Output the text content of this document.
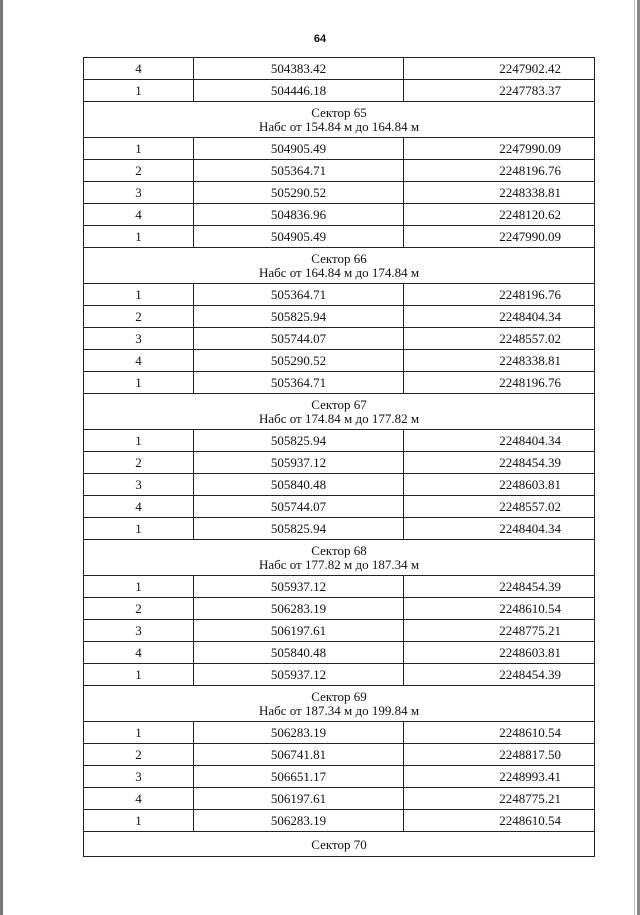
64
4	504383.42	2247902.42
1	504446.18	2247783.37

Сектор 65
Набс от 154.84 м до 164.84 м		

1	504905.49	2247990.09
2	505364.71	2248196.76
3	505290.52	2248338.81
4	504836.96	2248120.62
1	504905.49	2247990.09

Сектор 66
Набс от 164.84 м до 174.84 м		

1	505364.71	2248196.76
2	505825.94	2248404.34
3	505744.07	2248557.02
4	505290.52	2248338.81
1	505364.71	2248196.76

Сектор 67
Набс от 174.84 м до 177.82 м		

1	505825.94	2248404.34
2	505937.12	2248454.39
3	505840.48	2248603.81
4	505744.07	2248557.02
1	505825.94	2248404.34

Сектор 68
Набс от 177.82 м до 187.34 м		

1	505937.12	2248454.39
2	506283.19	2248610.54
3	506197.61	2248775.21
4	505840.48	2248603.81
1	505937.12	2248454.39

Сектор 69
Набс от 187.34 м до 199.84 м		

1	506283.19	2248610.54
2	506741.81	2248817.50
3	506651.17	2248993.41
4	506197.61	2248775.21
1	506283.19	2248610.54

Сектор 70		
